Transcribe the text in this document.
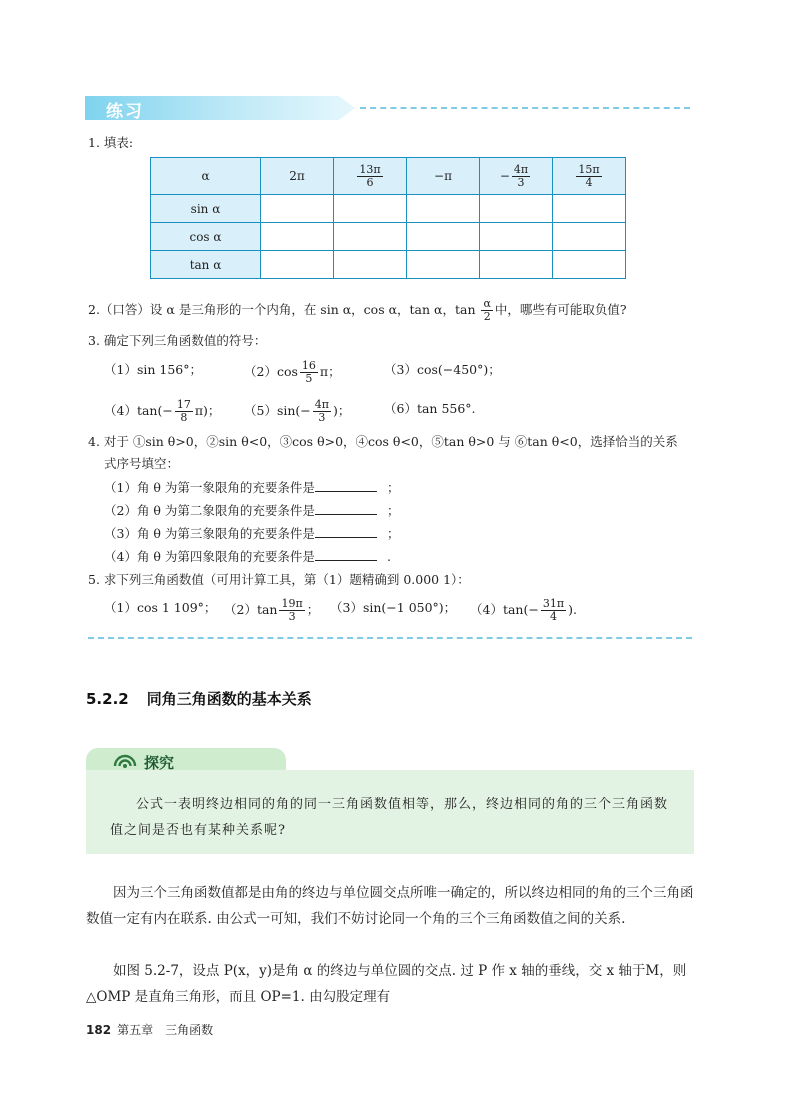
练习
1. 填表:
α	2π	$\frac{13\pi}{6}$	−π	− $\frac{4\pi}{3}$	$\frac{15\pi}{4}$

sin α					
cos α					
tan α					
2.（口答）设 α 是三角形的一个内角，在 sin α，cos α，tan α，$\tan \frac{\alpha}{2}$ 中，哪些有可能取负值?
3. 确定下列三角函数值的符号：
（1）sin 156°；	$(2)\cos \frac{16}{5}$ π；	（3）cos(−450°)；
$(4)\tan(- \frac{17}{8} \pi)$； $(5)\sin(- \frac{4\pi}{3}$ )；	（6）tan 556°.
4. 对于 ①sin θ>0，②sin θ<0，③cos θ>0，④cos θ<0，⑤tan θ>0 与 ⑥tan θ<0，选择恰当的关系
式序号填空：
（1）角 θ 为第一象限角的充要条件是	；
（2）角 θ 为第二象限角的充要条件是	；
（3）角 θ 为第三象限角的充要条件是	；
（4）角 θ 为第四象限角的充要条件是	.
5. 求下列三角函数值（可用计算工具，第（1）题精确到 0.000 1）：
（1）cos 1 109°； $(2)\tan \frac{19\pi}{3}$ ； （3）sin(−1 050°)； $(4)\tan(- \frac{31\pi}{4}$ ).
5.2.2 同角三角函数的基本关系
探究
公式一表明终边相同的角的同一三角函数值相等，那么，终边相同的角的三个三角函数值之间是否也有某种关系呢?
因为三个三角函数值都是由角的终边与单位圆交点所唯一确定的，所以终边相同的角的三个三角函数值一定有内在联系. 由公式一可知，我们不妨讨论同一个角的三个三角函数值之间的关系.
如图 5.2-7，设点 P(x，y)是角 α 的终边与单位圆的交点. 过 P 作 x 轴的垂线，交 x 轴于M，则△OMP 是直角三角形，而且 OP=1. 由勾股定理有
182 第五章　三角函数
